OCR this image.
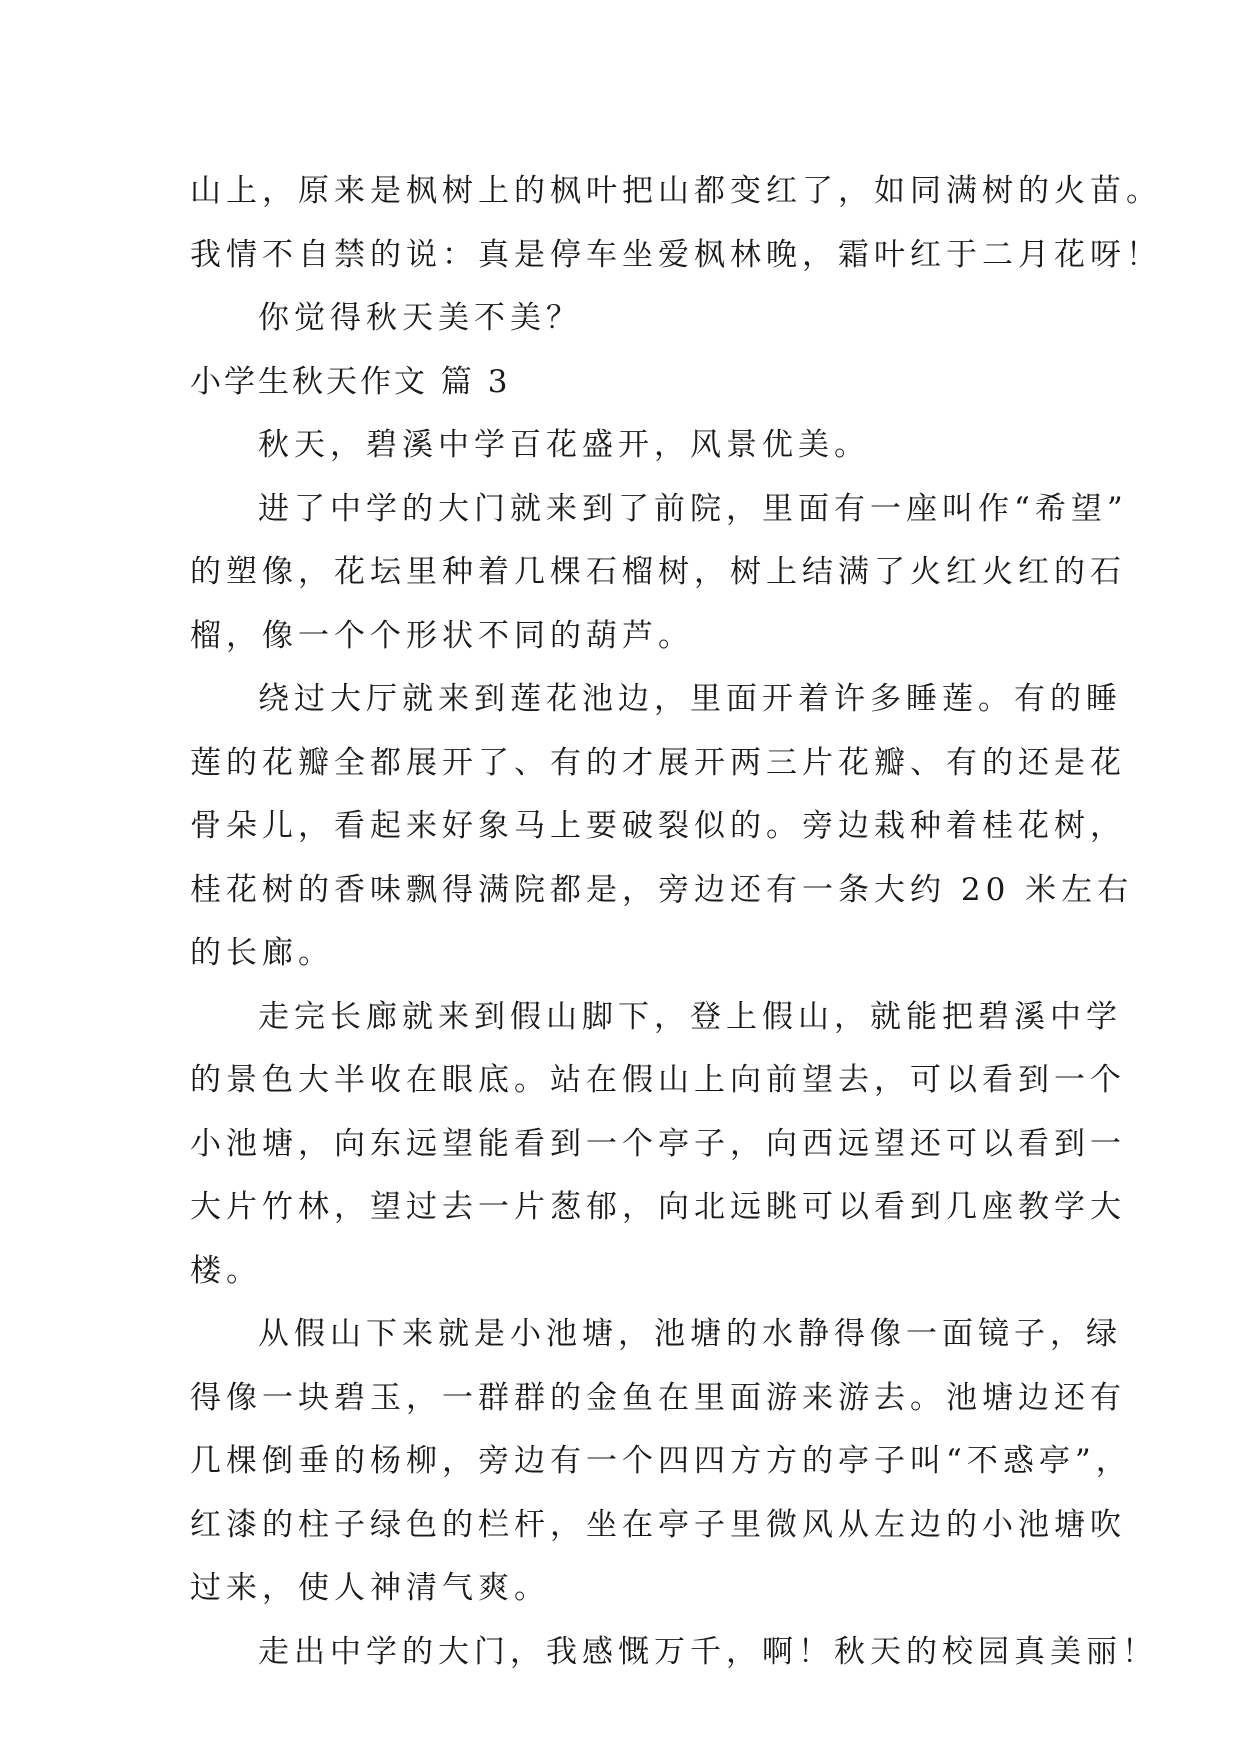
山上，原来是枫树上的枫叶把山都变红了，如同满树的火苗。
我情不自禁的说：真是停车坐爱枫林晚，霜叶红于二月花呀！
你觉得秋天美不美？
小学生秋天作文 篇 3
秋天，碧溪中学百花盛开，风景优美。
进了中学的大门就来到了前院，里面有一座叫作“希望”
的塑像，花坛里种着几棵石榴树，树上结满了火红火红的石
榴，像一个个形状不同的葫芦。
绕过大厅就来到莲花池边，里面开着许多睡莲。有的睡
莲的花瓣全都展开了、有的才展开两三片花瓣、有的还是花
骨朵儿，看起来好象马上要破裂似的。旁边栽种着桂花树，
桂花树的香味飘得满院都是，旁边还有一条大约 20 米左右
的长廊。
走完长廊就来到假山脚下，登上假山，就能把碧溪中学
的景色大半收在眼底。站在假山上向前望去，可以看到一个
小池塘，向东远望能看到一个亭子，向西远望还可以看到一
大片竹林，望过去一片葱郁，向北远眺可以看到几座教学大
楼。
从假山下来就是小池塘，池塘的水静得像一面镜子，绿
得像一块碧玉，一群群的金鱼在里面游来游去。池塘边还有
几棵倒垂的杨柳，旁边有一个四四方方的亭子叫“不惑亭”，
红漆的柱子绿色的栏杆，坐在亭子里微风从左边的小池塘吹
过来，使人神清气爽。
走出中学的大门，我感慨万千，啊！秋天的校园真美丽！
